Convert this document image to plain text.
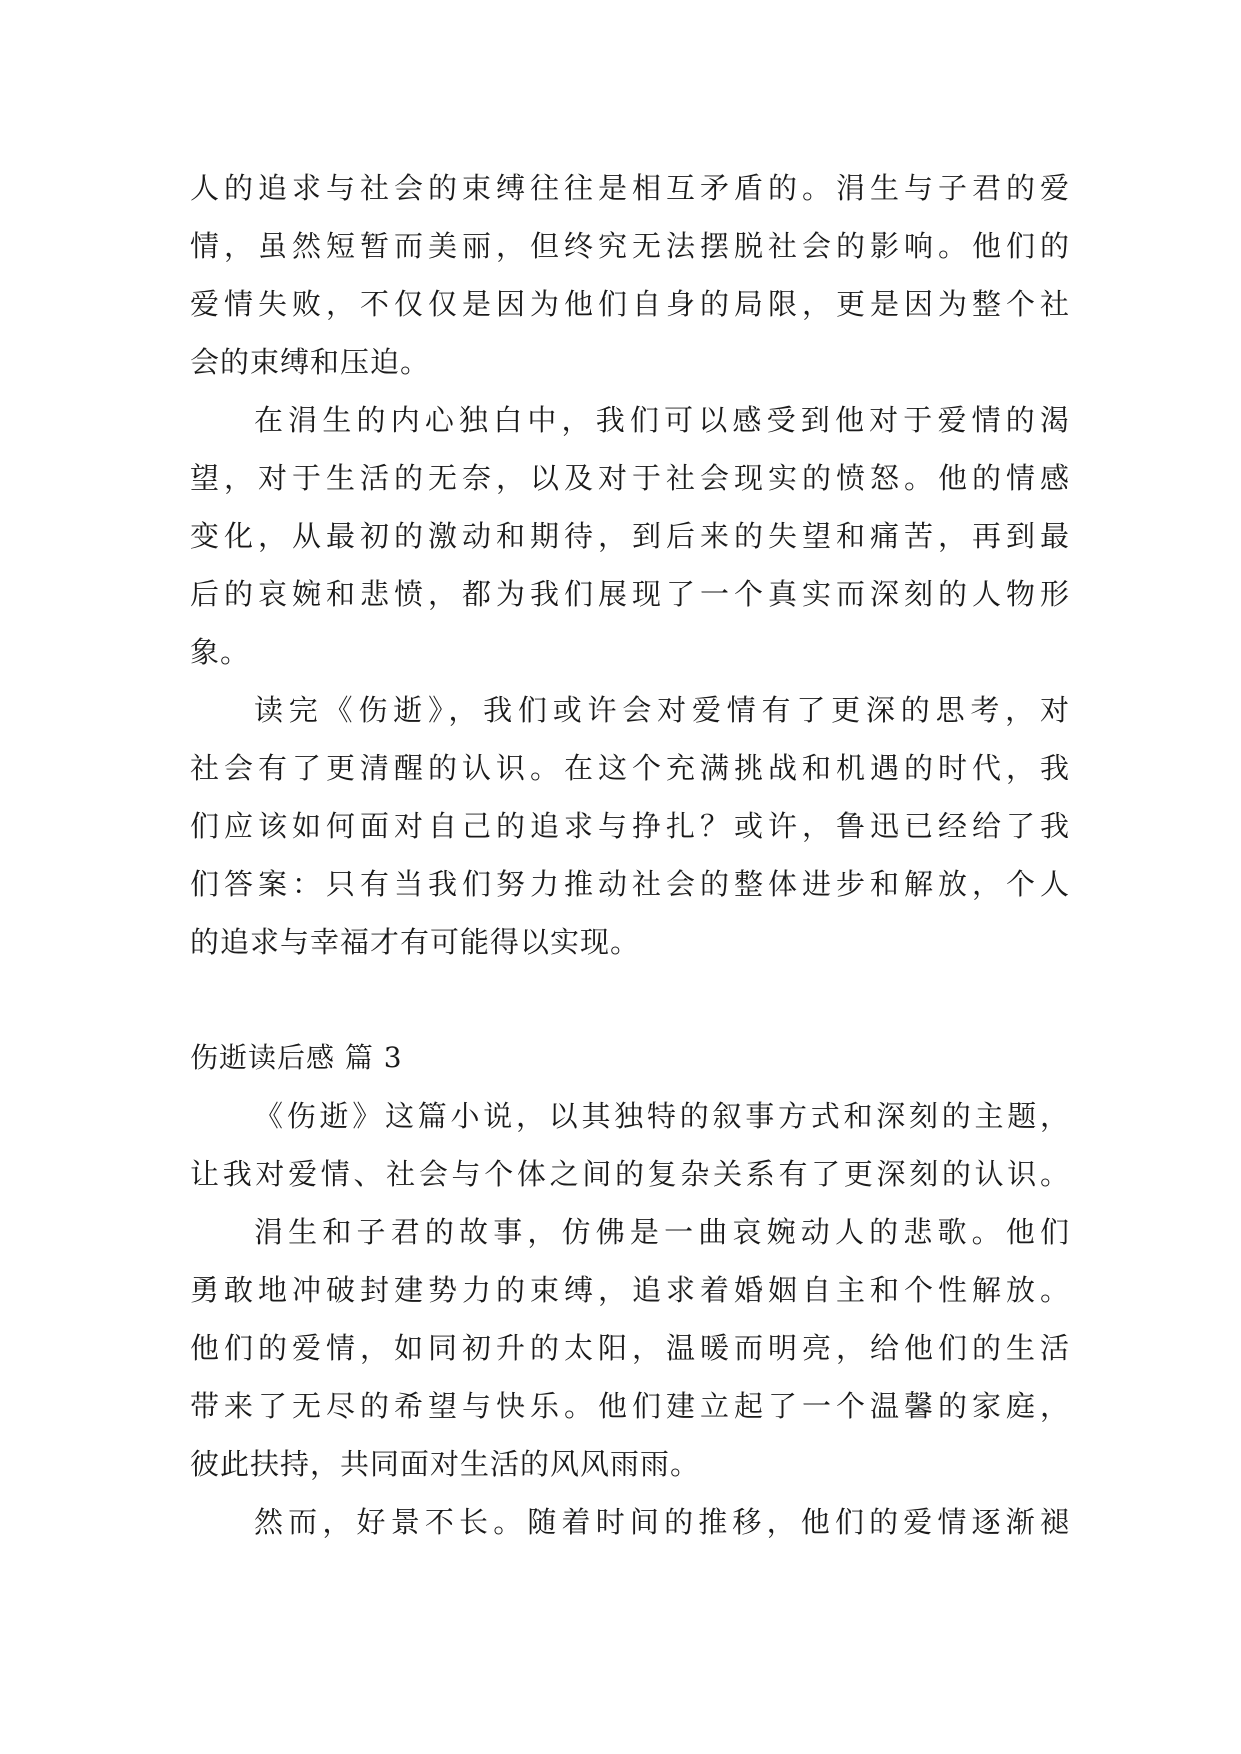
人的追求与社会的束缚往往是相互矛盾的。涓生与子君的爱
情，虽然短暂而美丽，但终究无法摆脱社会的影响。他们的
爱情失败，不仅仅是因为他们自身的局限，更是因为整个社
会的束缚和压迫。
在涓生的内心独白中，我们可以感受到他对于爱情的渴
望，对于生活的无奈，以及对于社会现实的愤怒。他的情感
变化，从最初的激动和期待，到后来的失望和痛苦，再到最
后的哀婉和悲愤，都为我们展现了一个真实而深刻的人物形
象。
读完《伤逝》，我们或许会对爱情有了更深的思考，对
社会有了更清醒的认识。在这个充满挑战和机遇的时代，我
们应该如何面对自己的追求与挣扎？或许，鲁迅已经给了我
们答案：只有当我们努力推动社会的整体进步和解放，个人
的追求与幸福才有可能得以实现。
伤逝读后感 篇 3
《伤逝》这篇小说，以其独特的叙事方式和深刻的主题，
让我对爱情、社会与个体之间的复杂关系有了更深刻的认识。
涓生和子君的故事，仿佛是一曲哀婉动人的悲歌。他们
勇敢地冲破封建势力的束缚，追求着婚姻自主和个性解放。
他们的爱情，如同初升的太阳，温暖而明亮，给他们的生活
带来了无尽的希望与快乐。他们建立起了一个温馨的家庭，
彼此扶持，共同面对生活的风风雨雨。
然而，好景不长。随着时间的推移，他们的爱情逐渐褪
